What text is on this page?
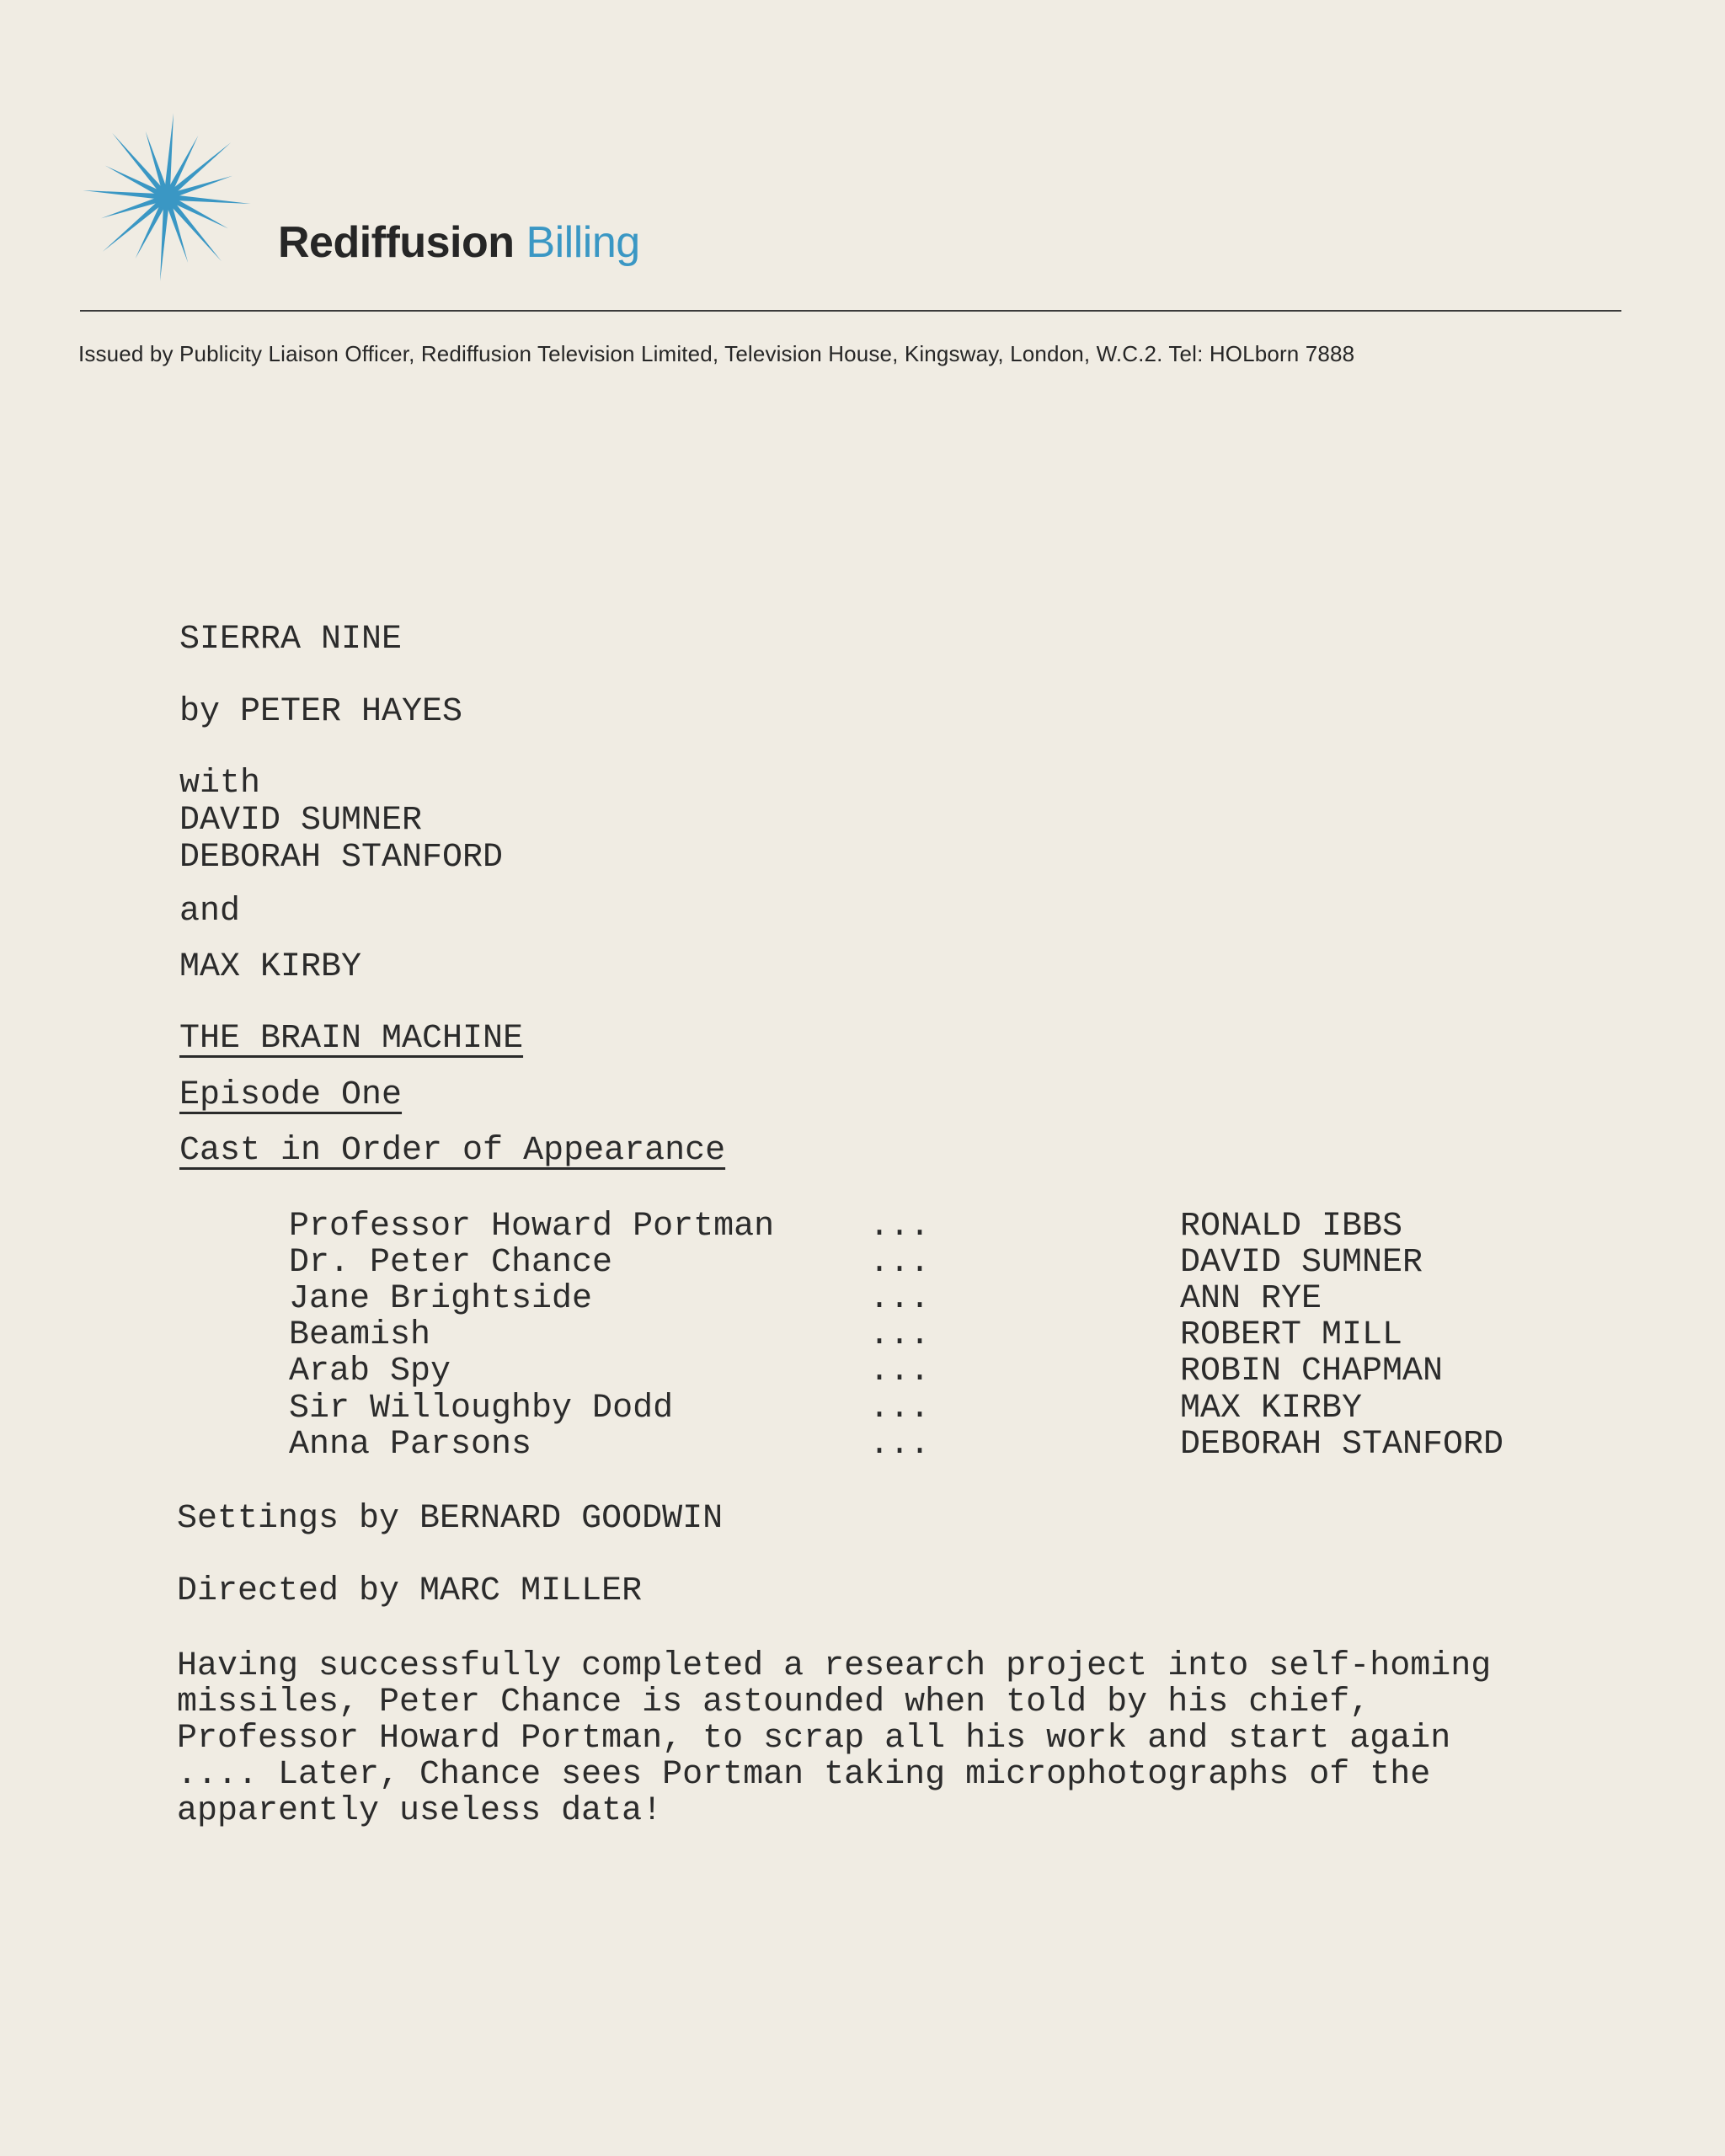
Rediffusion Billing
Issued by Publicity Liaison Officer, Rediffusion Television Limited, Television House, Kingsway, London, W.C.2. Tel: HOLborn 7888
SIERRA NINE
by PETER HAYES
with
DAVID SUMNER
DEBORAH STANFORD
and
MAX KIRBY
THE BRAIN MACHINE
Episode One
Cast in Order of Appearance
Professor Howard Portman	...	RONALD IBBS
Dr. Peter Chance	...	DAVID SUMNER
Jane Brightside	...	ANN RYE
Beamish	...	ROBERT MILL
Arab Spy	...	ROBIN CHAPMAN
Sir Willoughby Dodd	...	MAX KIRBY
Anna Parsons	...	DEBORAH STANFORD
Settings by BERNARD GOODWIN
Directed by MARC MILLER
Having successfully completed a research project into self-homing
missiles, Peter Chance is astounded when told by his chief,
Professor Howard Portman, to scrap all his work and start again
.... Later, Chance sees Portman taking microphotographs of the
apparently useless data!
